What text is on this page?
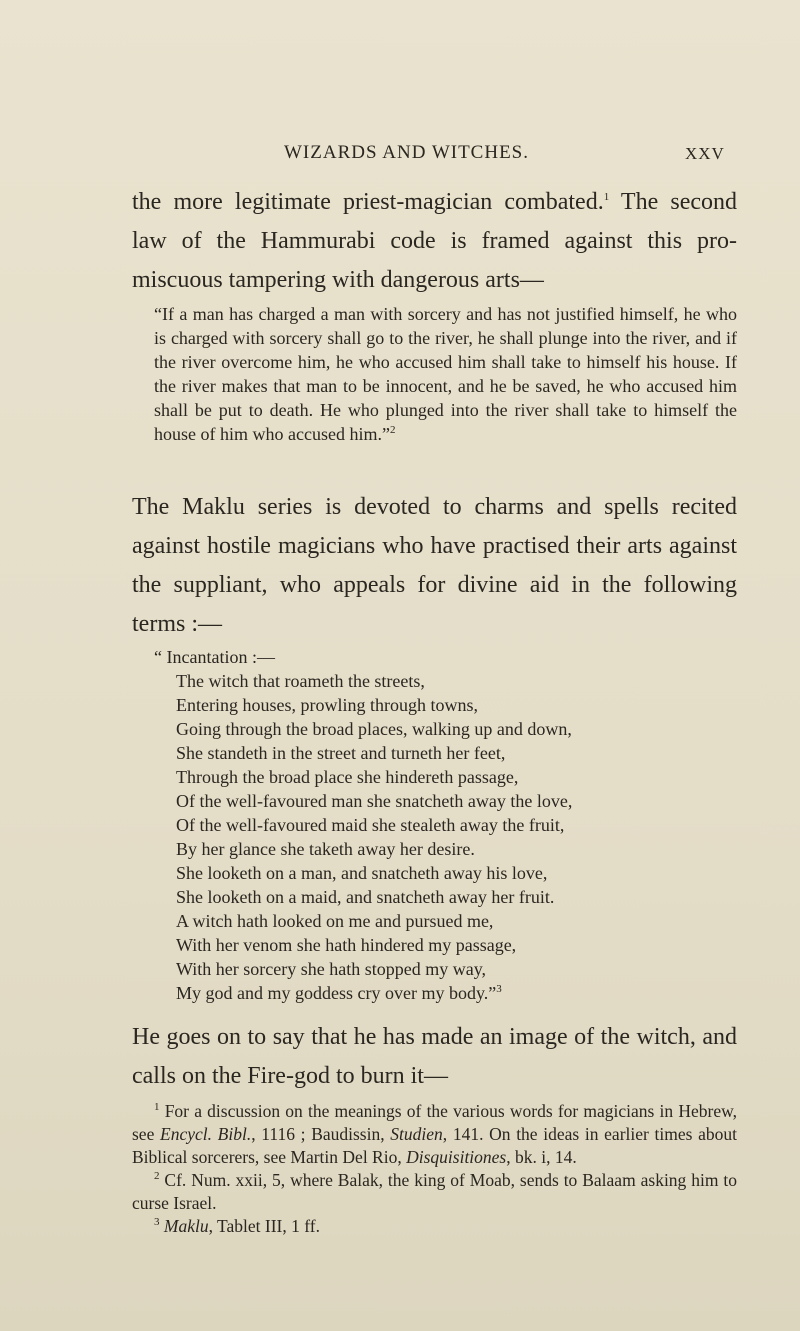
WIZARDS AND WITCHES.	XXV

the more legitimate priest-magician combated.$^1$ The second law of the Hammurabi code is framed against this pro-miscuous tampering with dangerous arts—

“If a man has charged a man with sorcery and has not justified himself, he who is charged with sorcery shall go to the river, he shall plunge into the river, and if the river overcome him, he who accused him shall take to himself his house. If the river makes that man to be innocent, and he be saved, he who accused him shall be put to death. He who plunged into the river shall take to himself the house of him who accused him.”$^2$

The Maklu series is devoted to charms and spells recited against hostile magicians who have practised their arts against the suppliant, who appeals for divine aid in the following terms :—

“ Incantation :—
The witch that roameth the streets,
Entering houses, prowling through towns,
Going through the broad places, walking up and down,
She standeth in the street and turneth her feet,
Through the broad place she hindereth passage,
Of the well-favoured man she snatcheth away the love,
Of the well-favoured maid she stealeth away the fruit,
By her glance she taketh away her desire.
She looketh on a man, and snatcheth away his love,
She looketh on a maid, and snatcheth away her fruit.
A witch hath looked on me and pursued me,
With her venom she hath hindered my passage,
With her sorcery she hath stopped my way,
My god and my goddess cry over my body.”$^3$

He goes on to say that he has made an image of the witch, and calls on the Fire-god to burn it—

$^1$ For a discussion on the meanings of the various words for magicians in Hebrew, see Encycl. Bibl., 1116 ; Baudissin, Studien, 141. On the ideas in earlier times about Biblical sorcerers, see Martin Del Rio, Disquisitiones, bk. i, 14.

$^2$ Cf. Num. xxii, 5, where Balak, the king of Moab, sends to Balaam asking him to curse Israel.

$^3$ Maklu, Tablet III, 1 ff.
